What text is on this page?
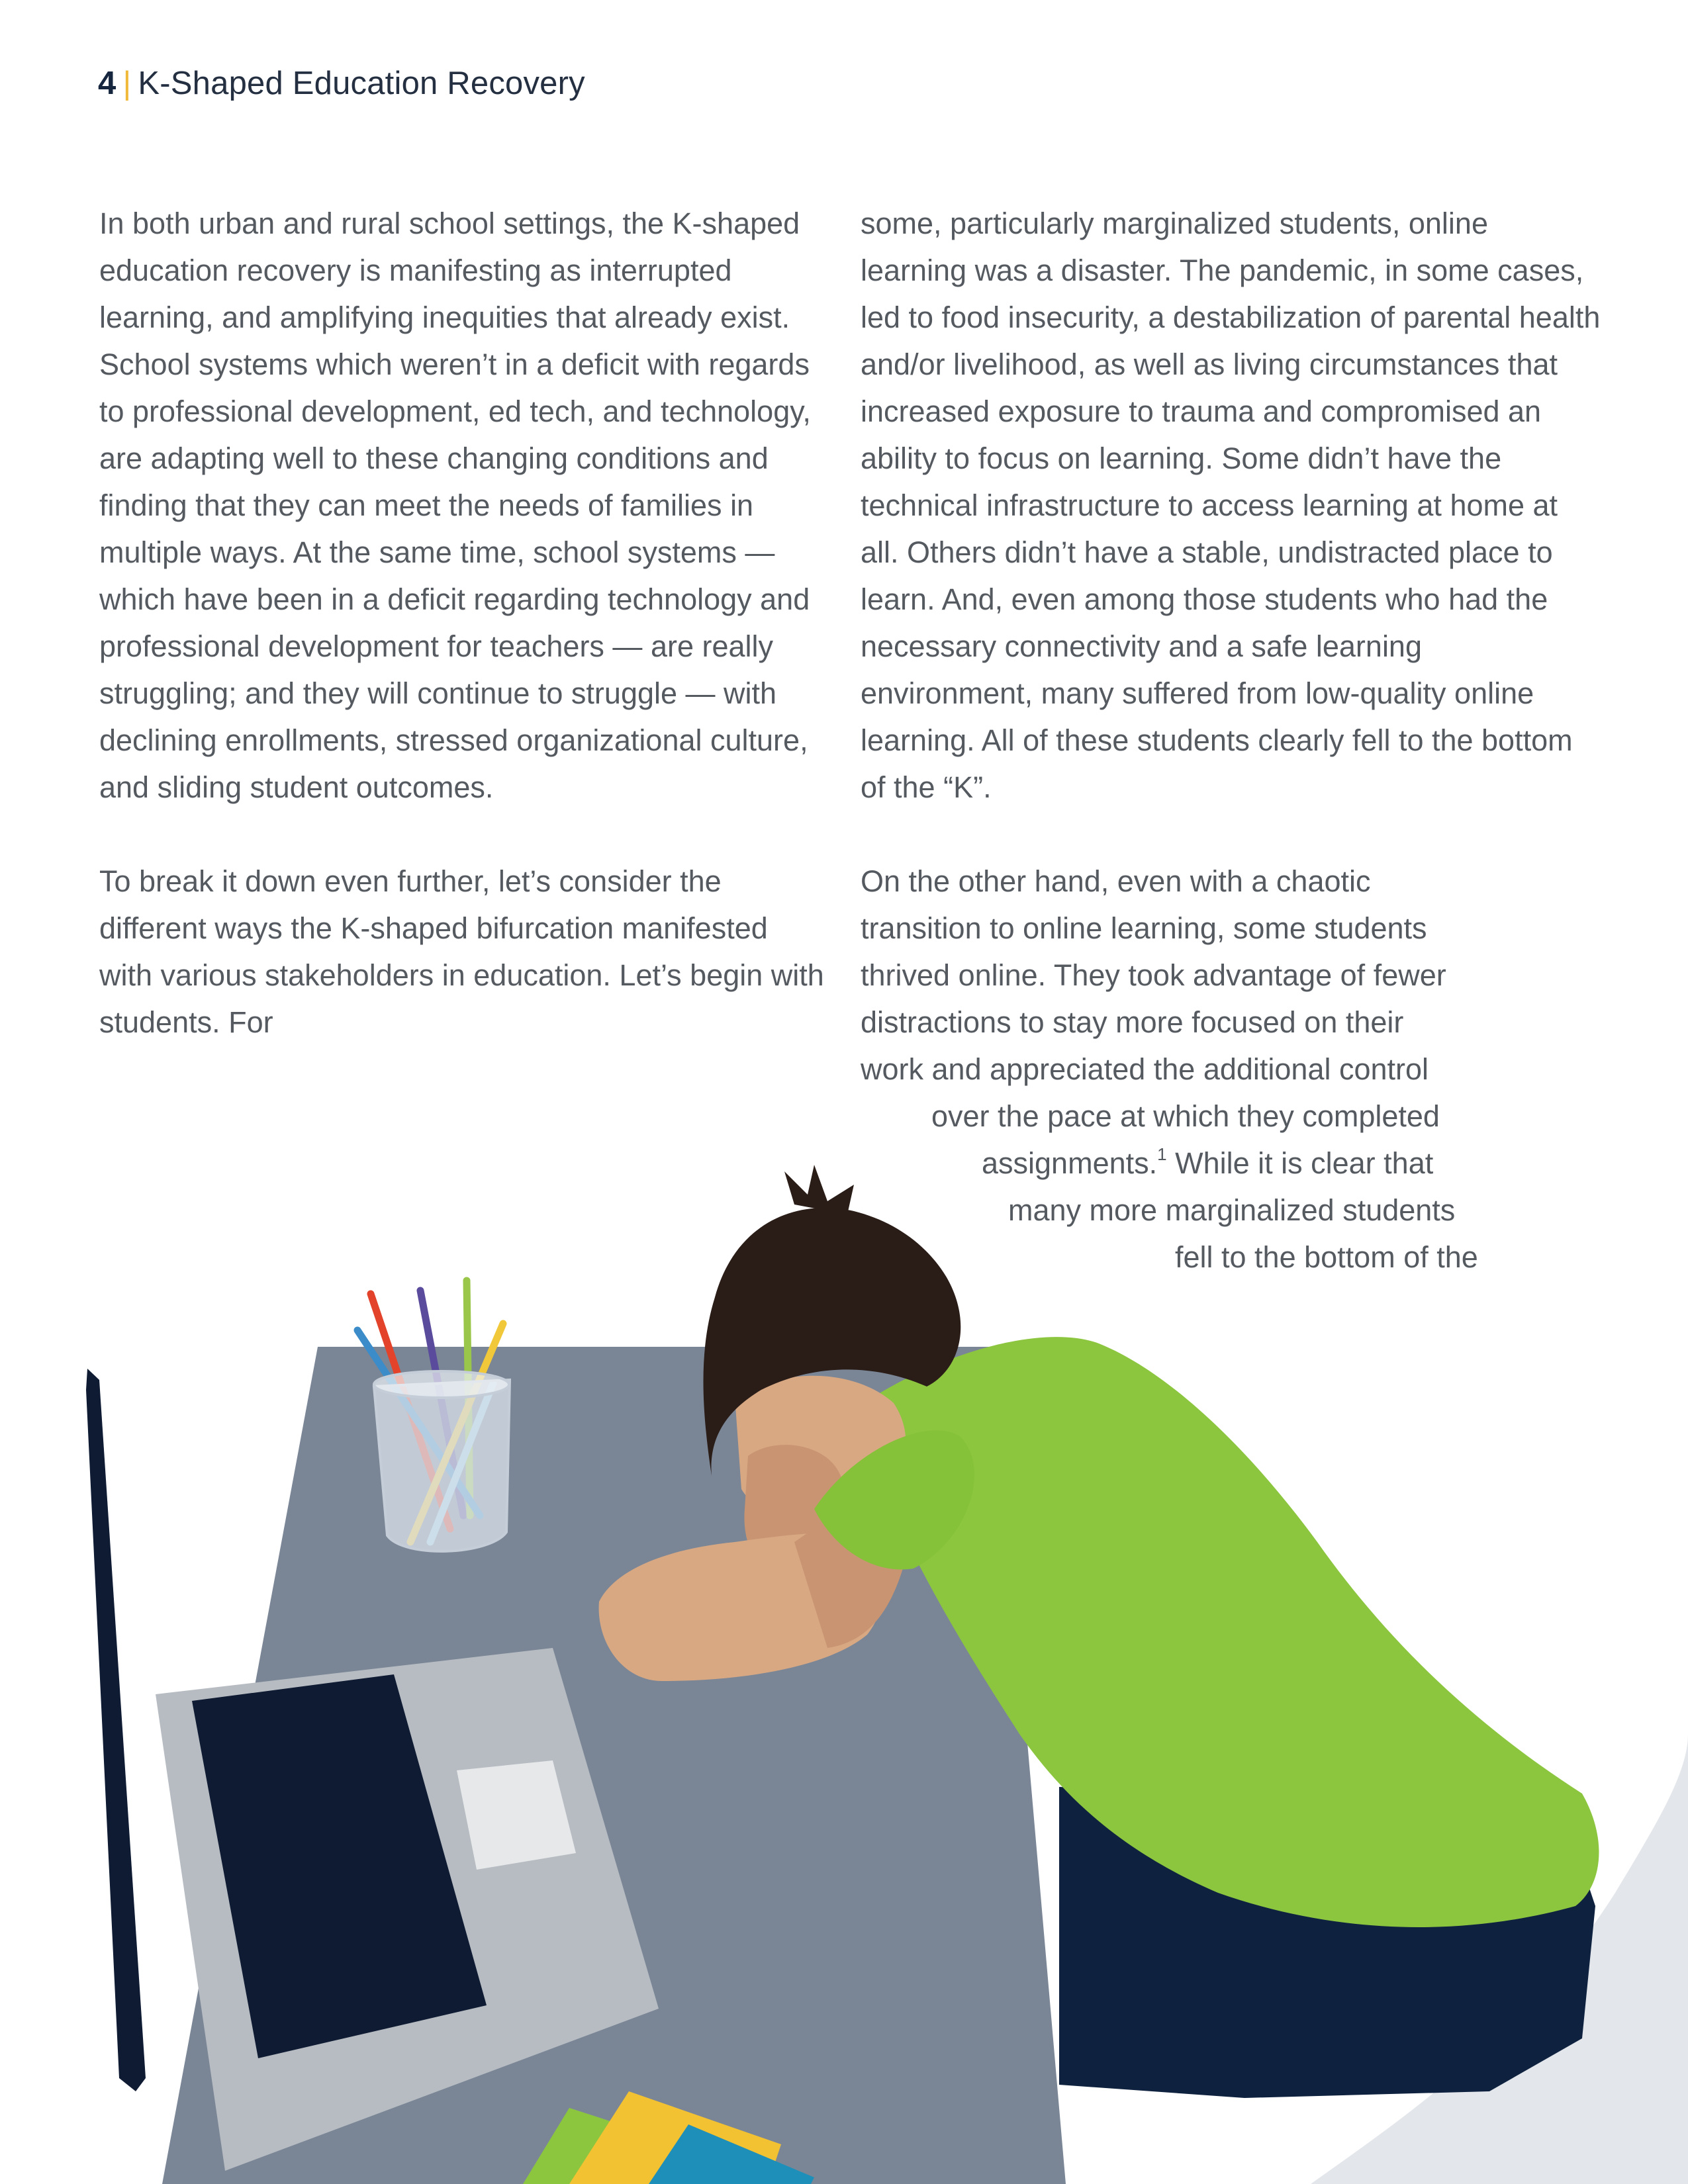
4 | K-Shaped Education Recovery

In both urban and rural school settings, the K-shaped education recovery is manifesting as interrupted learning, and amplifying inequities that already exist. School systems which weren’t in a deficit with regards to professional development, ed tech, and technology, are adapting well to these changing conditions and finding that they can meet the needs of families in multiple ways. At the same time, school systems — which have been in a deficit regarding technology and professional development for teachers — are really struggling; and they will continue to struggle — with declining enrollments, stressed organizational culture, and sliding student outcomes.

To break it down even further, let’s consider the different ways the K-shaped bifurcation manifested with various stakeholders in education. Let’s begin with students. For

some, particularly marginalized students, online learning was a disaster. The pandemic, in some cases, led to food insecurity, a destabilization of parental health and/or livelihood, as well as living circumstances that increased exposure to trauma and compromised an ability to focus on learning. Some didn’t have the technical infrastructure to access learning at home at all. Others didn’t have a stable, undistracted place to learn. And, even among those students who had the necessary connectivity and a safe learning environment, many suffered from low-quality online learning. All of these students clearly fell to the bottom of the “K”.

On the other hand, even with a chaotic
transition to online learning, some students
thrived online. They took advantage of fewer
distractions to stay more focused on their
work and appreciated the additional control
over the pace at which they completed
assignments.$^1$ While it is clear that
many more marginalized students
fell to the bottom of the
